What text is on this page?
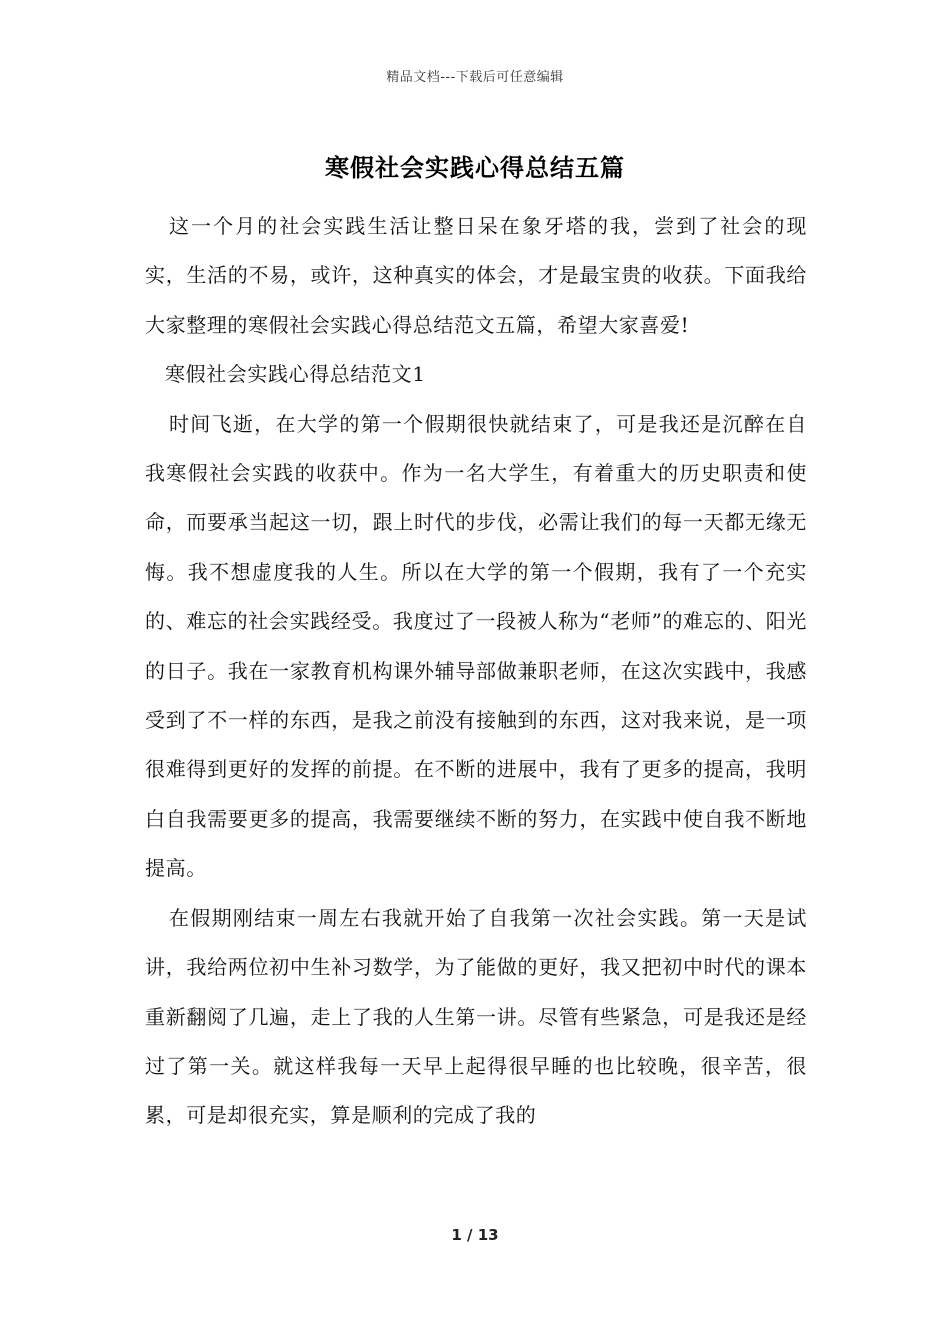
精品文档---下载后可任意编辑
寒假社会实践心得总结五篇

这一个月的社会实践生活让整日呆在象牙塔的我，尝到了社会的现实，生活的不易，或许，这种真实的体会，才是最宝贵的收获。下面我给大家整理的寒假社会实践心得总结范文五篇，希望大家喜爱!

寒假社会实践心得总结范文1

时间飞逝，在大学的第一个假期很快就结束了，可是我还是沉醉在自我寒假社会实践的收获中。作为一名大学生，有着重大的历史职责和使命，而要承当起这一切，跟上时代的步伐，必需让我们的每一天都无缘无悔。我不想虚度我的人生。所以在大学的第一个假期，我有了一个充实的、难忘的社会实践经受。我度过了一段被人称为“老师”的难忘的、阳光的日子。我在一家教育机构课外辅导部做兼职老师，在这次实践中，我感受到了不一样的东西，是我之前没有接触到的东西，这对我来说，是一项很难得到更好的发挥的前提。在不断的进展中，我有了更多的提高，我明白自我需要更多的提高，我需要继续不断的努力，在实践中使自我不断地提高。

在假期刚结束一周左右我就开始了自我第一次社会实践。第一天是试讲，我给两位初中生补习数学，为了能做的更好，我又把初中时代的课本重新翻阅了几遍，走上了我的人生第一讲。尽管有些紧急，可是我还是经过了第一关。就这样我每一天早上起得很早睡的也比较晚，很辛苦，很累，可是却很充实，算是顺利的完成了我的

1 / 13
